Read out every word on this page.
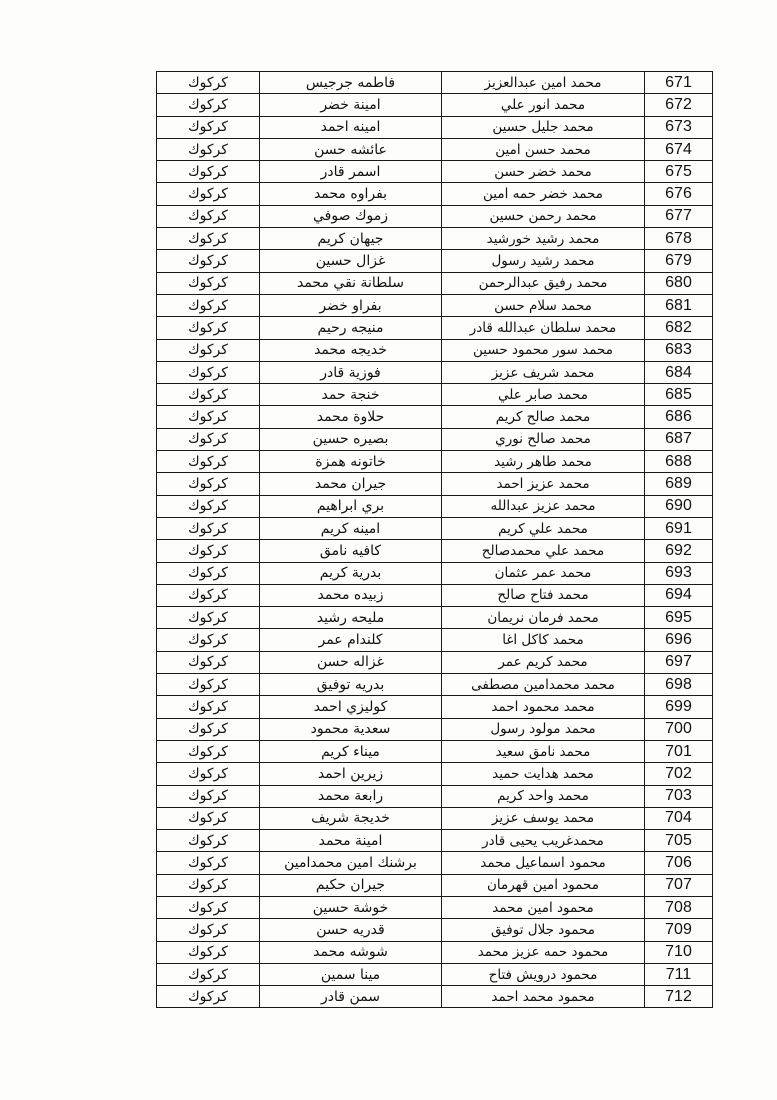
كركوك	فاطمه جرجيس	محمد امين عبدالعزيز	671
كركوك	امينة خضر	محمد انور علي	672
كركوك	امينه احمد	محمد جليل حسين	673
كركوك	عائشه حسن	محمد حسن امين	674
كركوك	اسمر قادر	محمد خضر حسن	675
كركوك	بفراوه محمد	محمد خضر حمه امين	676
كركوك	زموك صوفي	محمد رحمن حسين	677
كركوك	جيهان كريم	محمد رشيد خورشيد	678
كركوك	غزال حسين	محمد رشيد رسول	679
كركوك	سلطانة نقي محمد	محمد رفيق عبدالرحمن	680
كركوك	بفراو خضر	محمد سلام حسن	681
كركوك	منيجه رحيم	محمد سلطان عبدالله قادر	682
كركوك	خديجه محمد	محمد سور محمود حسين	683
كركوك	فوزية قادر	محمد شريف عزيز	684
كركوك	خنجة حمد	محمد صابر علي	685
كركوك	حلاوة محمد	محمد صالح كريم	686
كركوك	بصيره حسين	محمد صالح نوري	687
كركوك	خاتونه همزة	محمد طاهر رشيد	688
كركوك	جيران محمد	محمد عزيز احمد	689
كركوك	بري ابراهيم	محمد عزيز عبدالله	690
كركوك	امينه كريم	محمد علي كريم	691
كركوك	كافيه نامق	محمد علي محمدصالح	692
كركوك	بدرية كريم	محمد عمر عثمان	693
كركوك	زبيده محمد	محمد فتاح صالح	694
كركوك	مليحه رشيد	محمد فرمان نريمان	695
كركوك	كلندام عمر	محمد كاكل اغا	696
كركوك	غزاله حسن	محمد كريم عمر	697
كركوك	بدريه توفيق	محمد محمدامين مصطفى	698
كركوك	كوليزي احمد	محمد محمود احمد	699
كركوك	سعدية محمود	محمد مولود رسول	700
كركوك	ميناء كريم	محمد نامق سعيد	701
كركوك	زيرين احمد	محمد هدايت حميد	702
كركوك	رابعة محمد	محمد واحد كريم	703
كركوك	خديجة شريف	محمد يوسف عزيز	704
كركوك	امينة محمد	محمدغريب يحيى قادر	705
كركوك	برشنك امين محمدامين	محمود اسماعيل محمد	706
كركوك	جيران حكيم	محمود امين قهرمان	707
كركوك	خوشة حسين	محمود امين محمد	708
كركوك	قدريه حسن	محمود جلال توفيق	709
كركوك	شوشه محمد	محمود حمه عزيز محمد	710
كركوك	مينا سمين	محمود درويش فتاح	711
كركوك	سمن قادر	محمود محمد احمد	712
